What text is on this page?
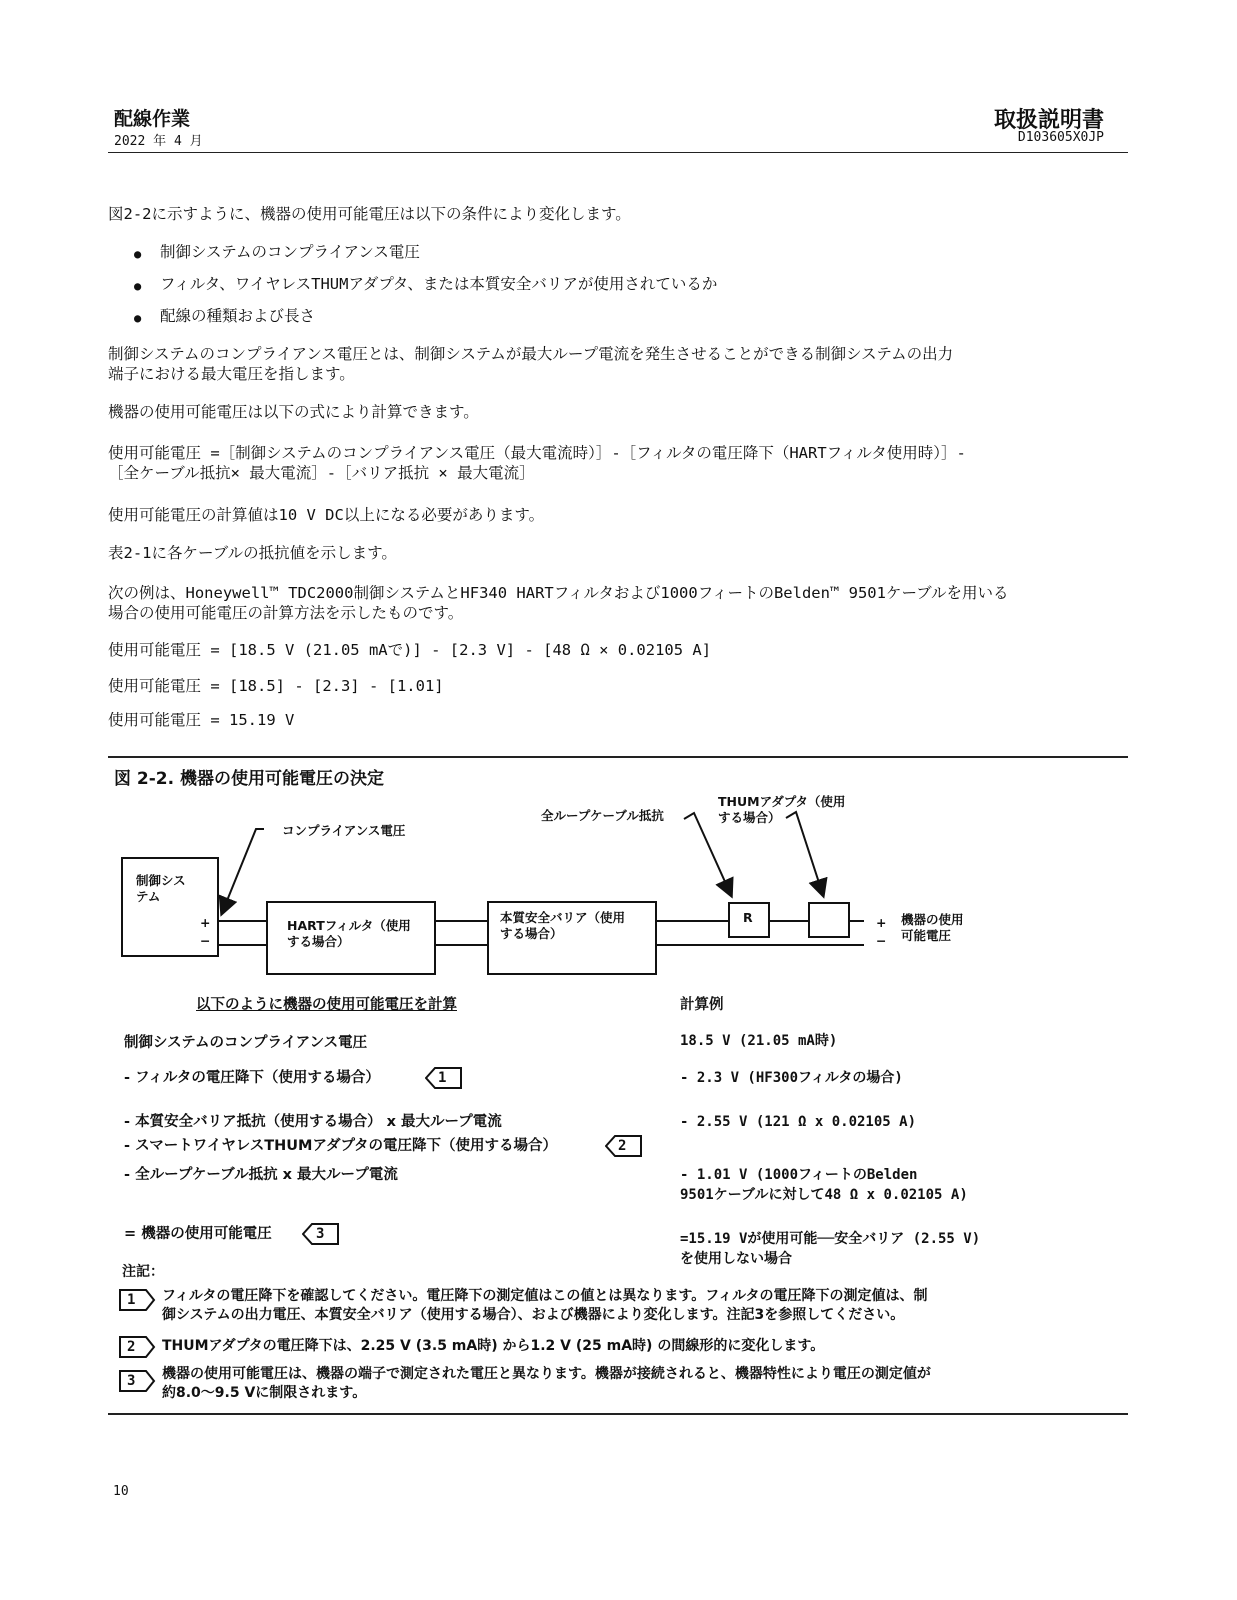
配線作業
2022 年 4 月
取扱説明書
D103605X0JP
図2-2に示すように、機器の使用可能電圧は以下の条件により変化します。
● 制御システムのコンプライアンス電圧
● フィルタ、ワイヤレスTHUMアダプタ、または本質安全バリアが使用されているか
● 配線の種類および長さ
制御システムのコンプライアンス電圧とは、制御システムが最大ループ電流を発生させることができる制御システムの出力
端子における最大電圧を指します。
機器の使用可能電圧は以下の式により計算できます。
使用可能電圧 =［制御システムのコンプライアンス電圧（最大電流時）］-［フィルタの電圧降下（HARTフィルタ使用時）］-
［全ケーブル抵抗× 最大電流］-［バリア抵抗 × 最大電流］
使用可能電圧の計算値は10 V DC以上になる必要があります。
表2-1に各ケーブルの抵抗値を示します。
次の例は、Honeywell™ TDC2000制御システムとHF340 HARTフィルタおよび1000フィートのBelden™ 9501ケーブルを用いる
場合の使用可能電圧の計算方法を示したものです。
使用可能電圧 = [18.5 V (21.05 mAで)] - [2.3 V] - [48 Ω × 0.02105 A]
使用可能電圧 = [18.5] - [2.3] - [1.01]
使用可能電圧 = 15.19 V
図 2-2. 機器の使用可能電圧の決定
制御シス
テム
+
−
HARTフィルタ（使用
する場合）
本質安全バリア（使用
する場合）
R	+
−
機器の使用
可能電圧
コンプライアンス電圧
全ループケーブル抵抗
THUMアダプタ（使用
する場合）
以下のように機器の使用可能電圧を計算	計算例
制御システムのコンプライアンス電圧
- フィルタの電圧降下（使用する場合）
- 本質安全バリア抵抗（使用する場合） x 最大ループ電流
- スマートワイヤレスTHUMアダプタの電圧降下（使用する場合）
- 全ループケーブル抵抗 x 最大ループ電流
= 機器の使用可能電圧
1
2
3
18.5 V (21.05 mA時)
- 2.3 V (HF300フィルタの場合)
- 2.55 V (121 Ω x 0.02105 A)
- 1.01 V (1000フィートのBelden
9501ケーブルに対して48 Ω x 0.02105 A)
=15.19 Vが使用可能──安全バリア (2.55 V)
を使用しない場合
注記：
1 フィルタの電圧降下を確認してください。電圧降下の測定値はこの値とは異なります。フィルタの電圧降下の測定値は、制
御システムの出力電圧、本質安全バリア（使用する場合）、および機器により変化します。注記3を参照してください。
2 THUMアダプタの電圧降下は、2.25 V (3.5 mA時) から1.2 V (25 mA時) の間線形的に変化します。
3 機器の使用可能電圧は、機器の端子で測定された電圧と異なります。機器が接続されると、機器特性により電圧の測定値が
約8.0～9.5 Vに制限されます。
10
